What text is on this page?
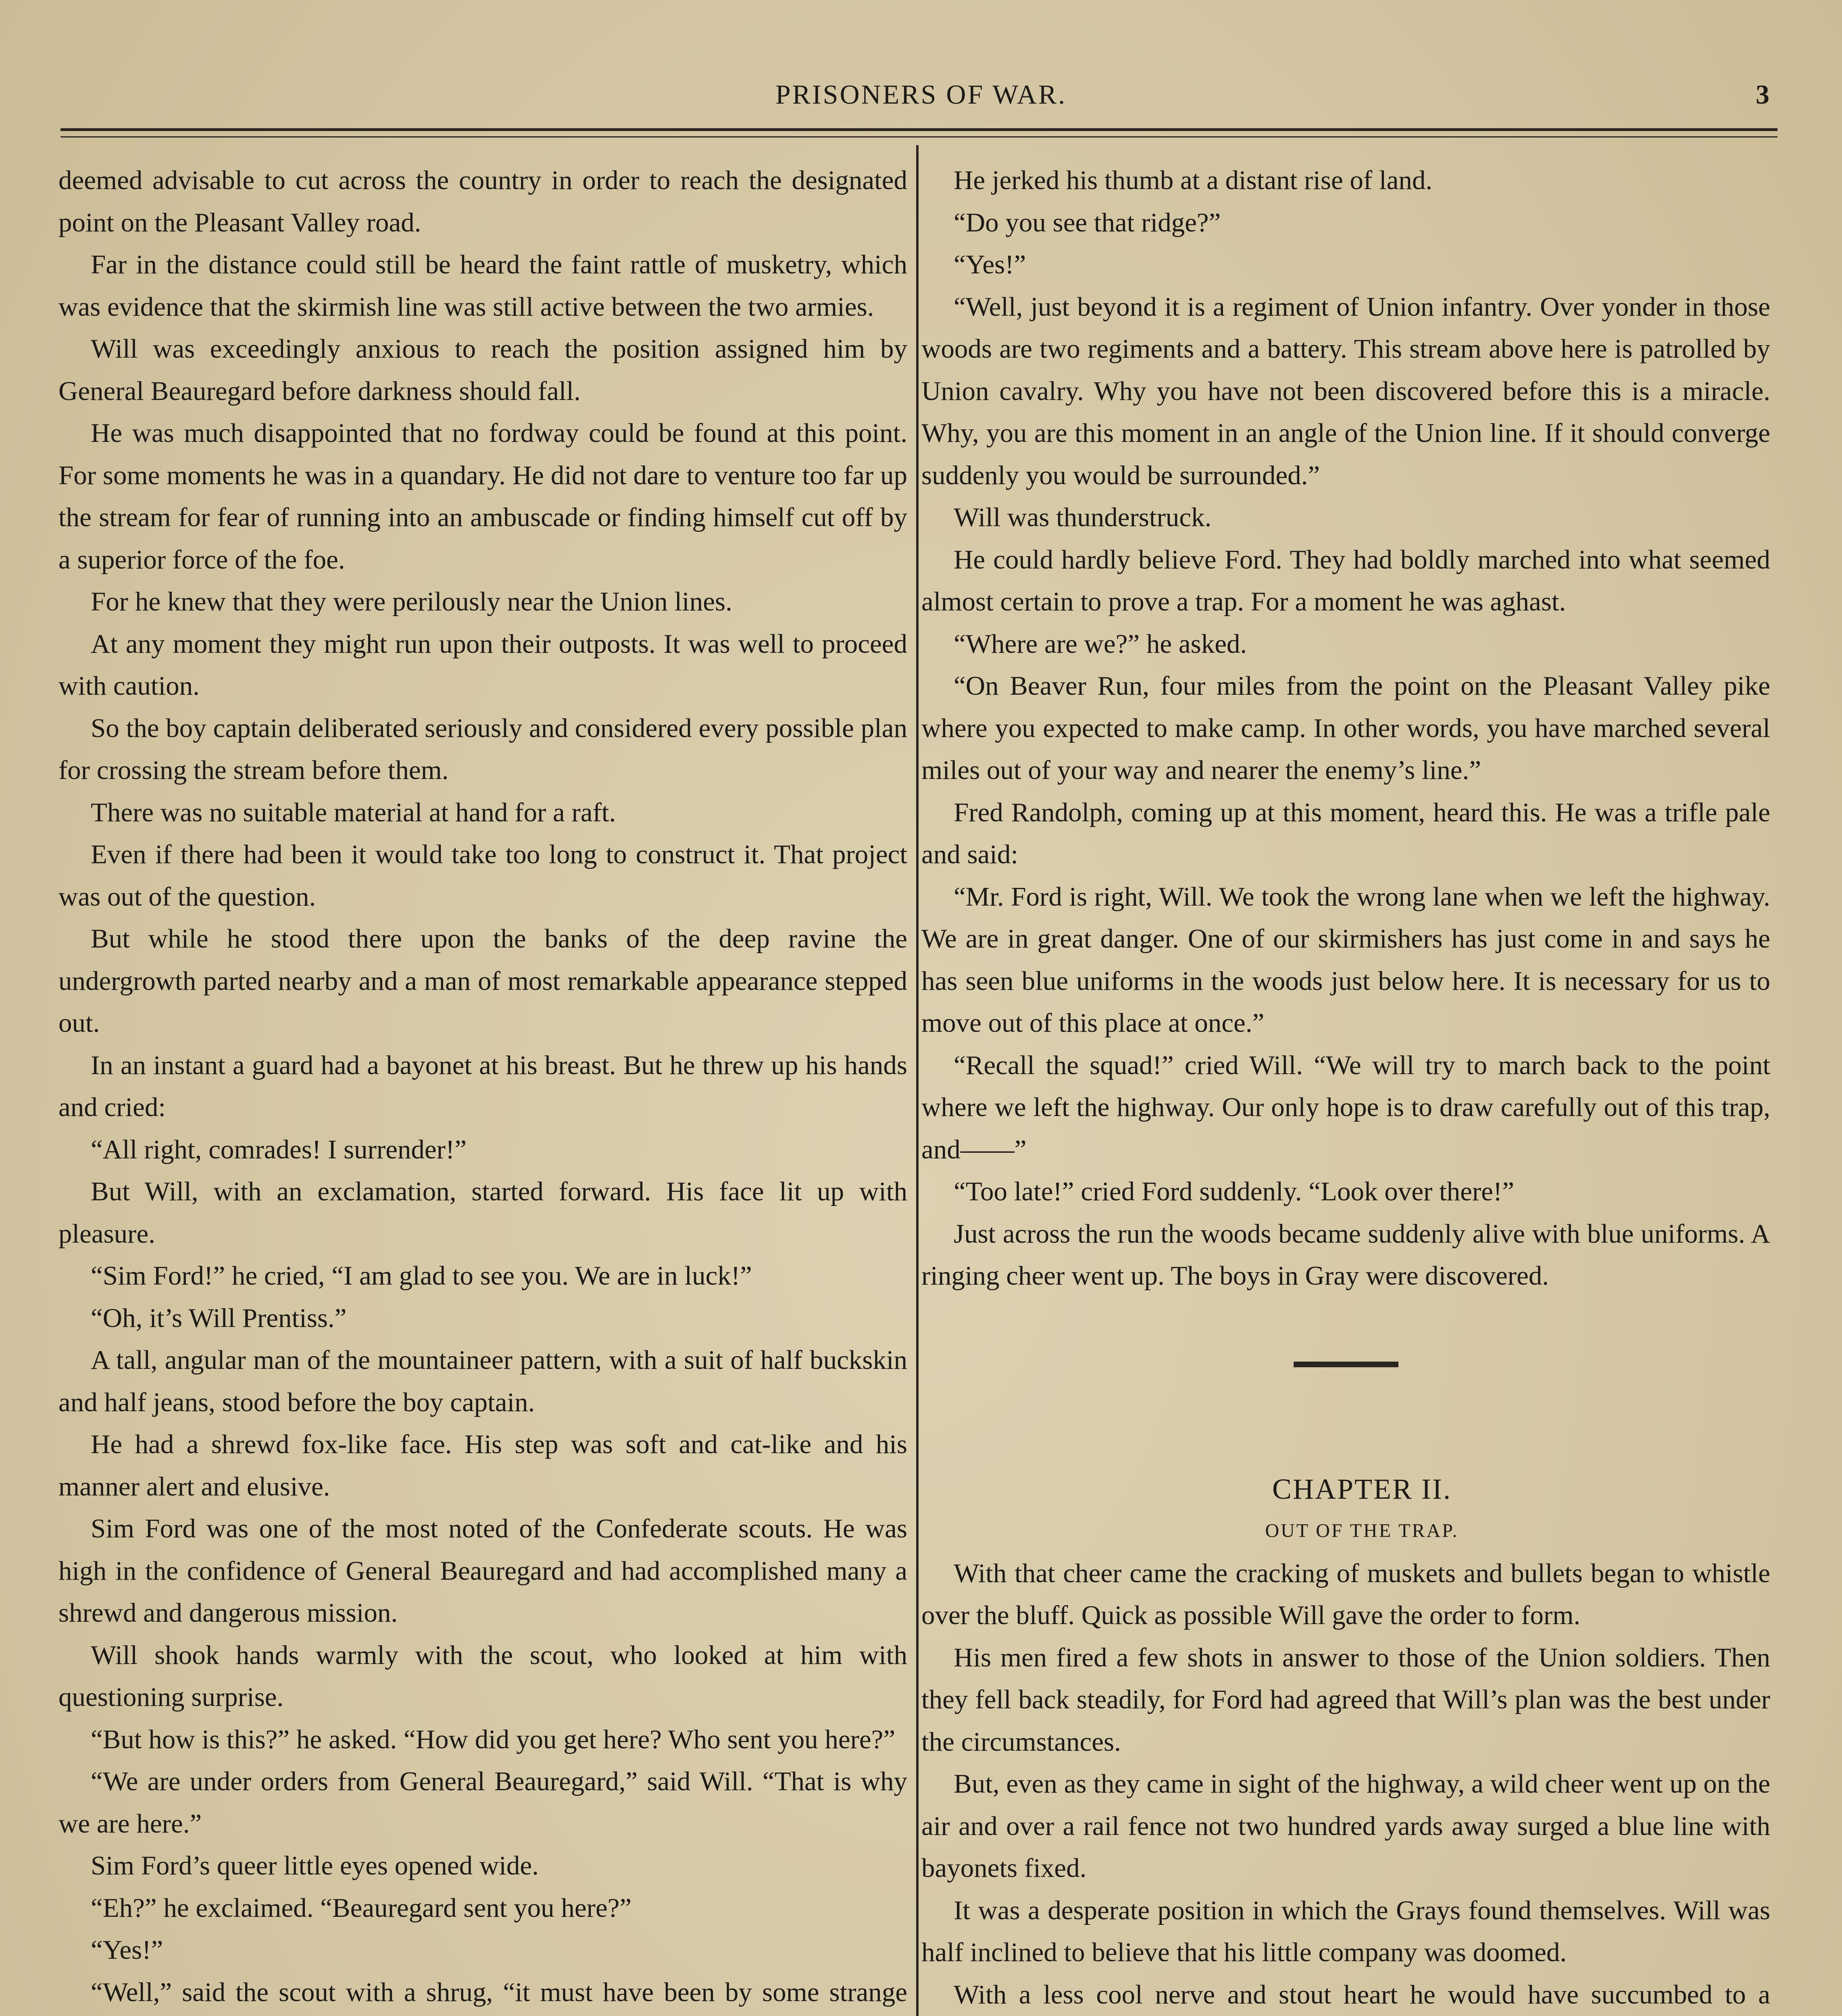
PRISONERS OF WAR.	3

deemed advisable to cut across the country in order to reach the designated point on the Pleasant Valley road.

Far in the distance could still be heard the faint rattle of musketry, which was evidence that the skirmish line was still active between the two armies.

Will was exceedingly anxious to reach the position assigned him by General Beauregard before darkness should fall.

He was much disappointed that no fordway could be found at this point. For some moments he was in a quandary. He did not dare to venture too far up the stream for fear of running into an ambuscade or finding himself cut off by a superior force of the foe.

For he knew that they were perilously near the Union lines.

At any moment they might run upon their outposts. It was well to proceed with caution.

So the boy captain deliberated seriously and considered every possible plan for crossing the stream before them.

There was no suitable material at hand for a raft.

Even if there had been it would take too long to construct it. That project was out of the question.

But while he stood there upon the banks of the deep ravine the undergrowth parted nearby and a man of most remarkable appearance stepped out.

In an instant a guard had a bayonet at his breast. But he threw up his hands and cried:

“All right, comrades! I surrender!”

But Will, with an exclamation, started forward. His face lit up with pleasure.

“Sim Ford!” he cried, “I am glad to see you. We are in luck!”

“Oh, it’s Will Prentiss.”

A tall, angular man of the mountaineer pattern, with a suit of half buckskin and half jeans, stood before the boy captain.

He had a shrewd fox-like face. His step was soft and cat-like and his manner alert and elusive.

Sim Ford was one of the most noted of the Confederate scouts. He was high in the confidence of General Beauregard and had accomplished many a shrewd and dangerous mission.

Will shook hands warmly with the scout, who looked at him with questioning surprise.

“But how is this?” he asked. “How did you get here? Who sent you here?”

“We are under orders from General Beauregard,” said Will. “That is why we are here.”

Sim Ford’s queer little eyes opened wide.

“Eh?” he exclaimed. “Beauregard sent you here?”

“Yes!”

“Well,” said the scout with a shrug, “it must have been by some strange

He jerked his thumb at a distant rise of land.

“Do you see that ridge?”

“Yes!”

“Well, just beyond it is a regiment of Union infantry. Over yonder in those woods are two regiments and a battery. This stream above here is patrolled by Union cavalry. Why you have not been discovered before this is a miracle. Why, you are this moment in an angle of the Union line. If it should converge suddenly you would be surrounded.”

Will was thunderstruck.

He could hardly believe Ford. They had boldly marched into what seemed almost certain to prove a trap. For a moment he was aghast.

“Where are we?” he asked.

“On Beaver Run, four miles from the point on the Pleasant Valley pike where you expected to make camp. In other words, you have marched several miles out of your way and nearer the enemy’s line.”

Fred Randolph, coming up at this moment, heard this. He was a trifle pale and said:

“Mr. Ford is right, Will. We took the wrong lane when we left the highway. We are in great danger. One of our skirmishers has just come in and says he has seen blue uniforms in the woods just below here. It is necessary for us to move out of this place at once.”

“Recall the squad!” cried Will. “We will try to march back to the point where we left the highway. Our only hope is to draw carefully out of this trap, and——”

“Too late!” cried Ford suddenly. “Look over there!”

Just across the run the woods became suddenly alive with blue uniforms. A ringing cheer went up. The boys in Gray were discovered.

CHAPTER II.

OUT OF THE TRAP.

With that cheer came the cracking of muskets and bullets began to whistle over the bluff. Quick as possible Will gave the order to form.

His men fired a few shots in answer to those of the Union soldiers. Then they fell back steadily, for Ford had agreed that Will’s plan was the best under the circumstances.

But, even as they came in sight of the highway, a wild cheer went up on the air and over a rail fence not two hundred yards away surged a blue line with bayonets fixed.

It was a desperate position in which the Grays found themselves. Will was half inclined to believe that his little company was doomed.

With a less cool nerve and stout heart he would have succumbed to a
